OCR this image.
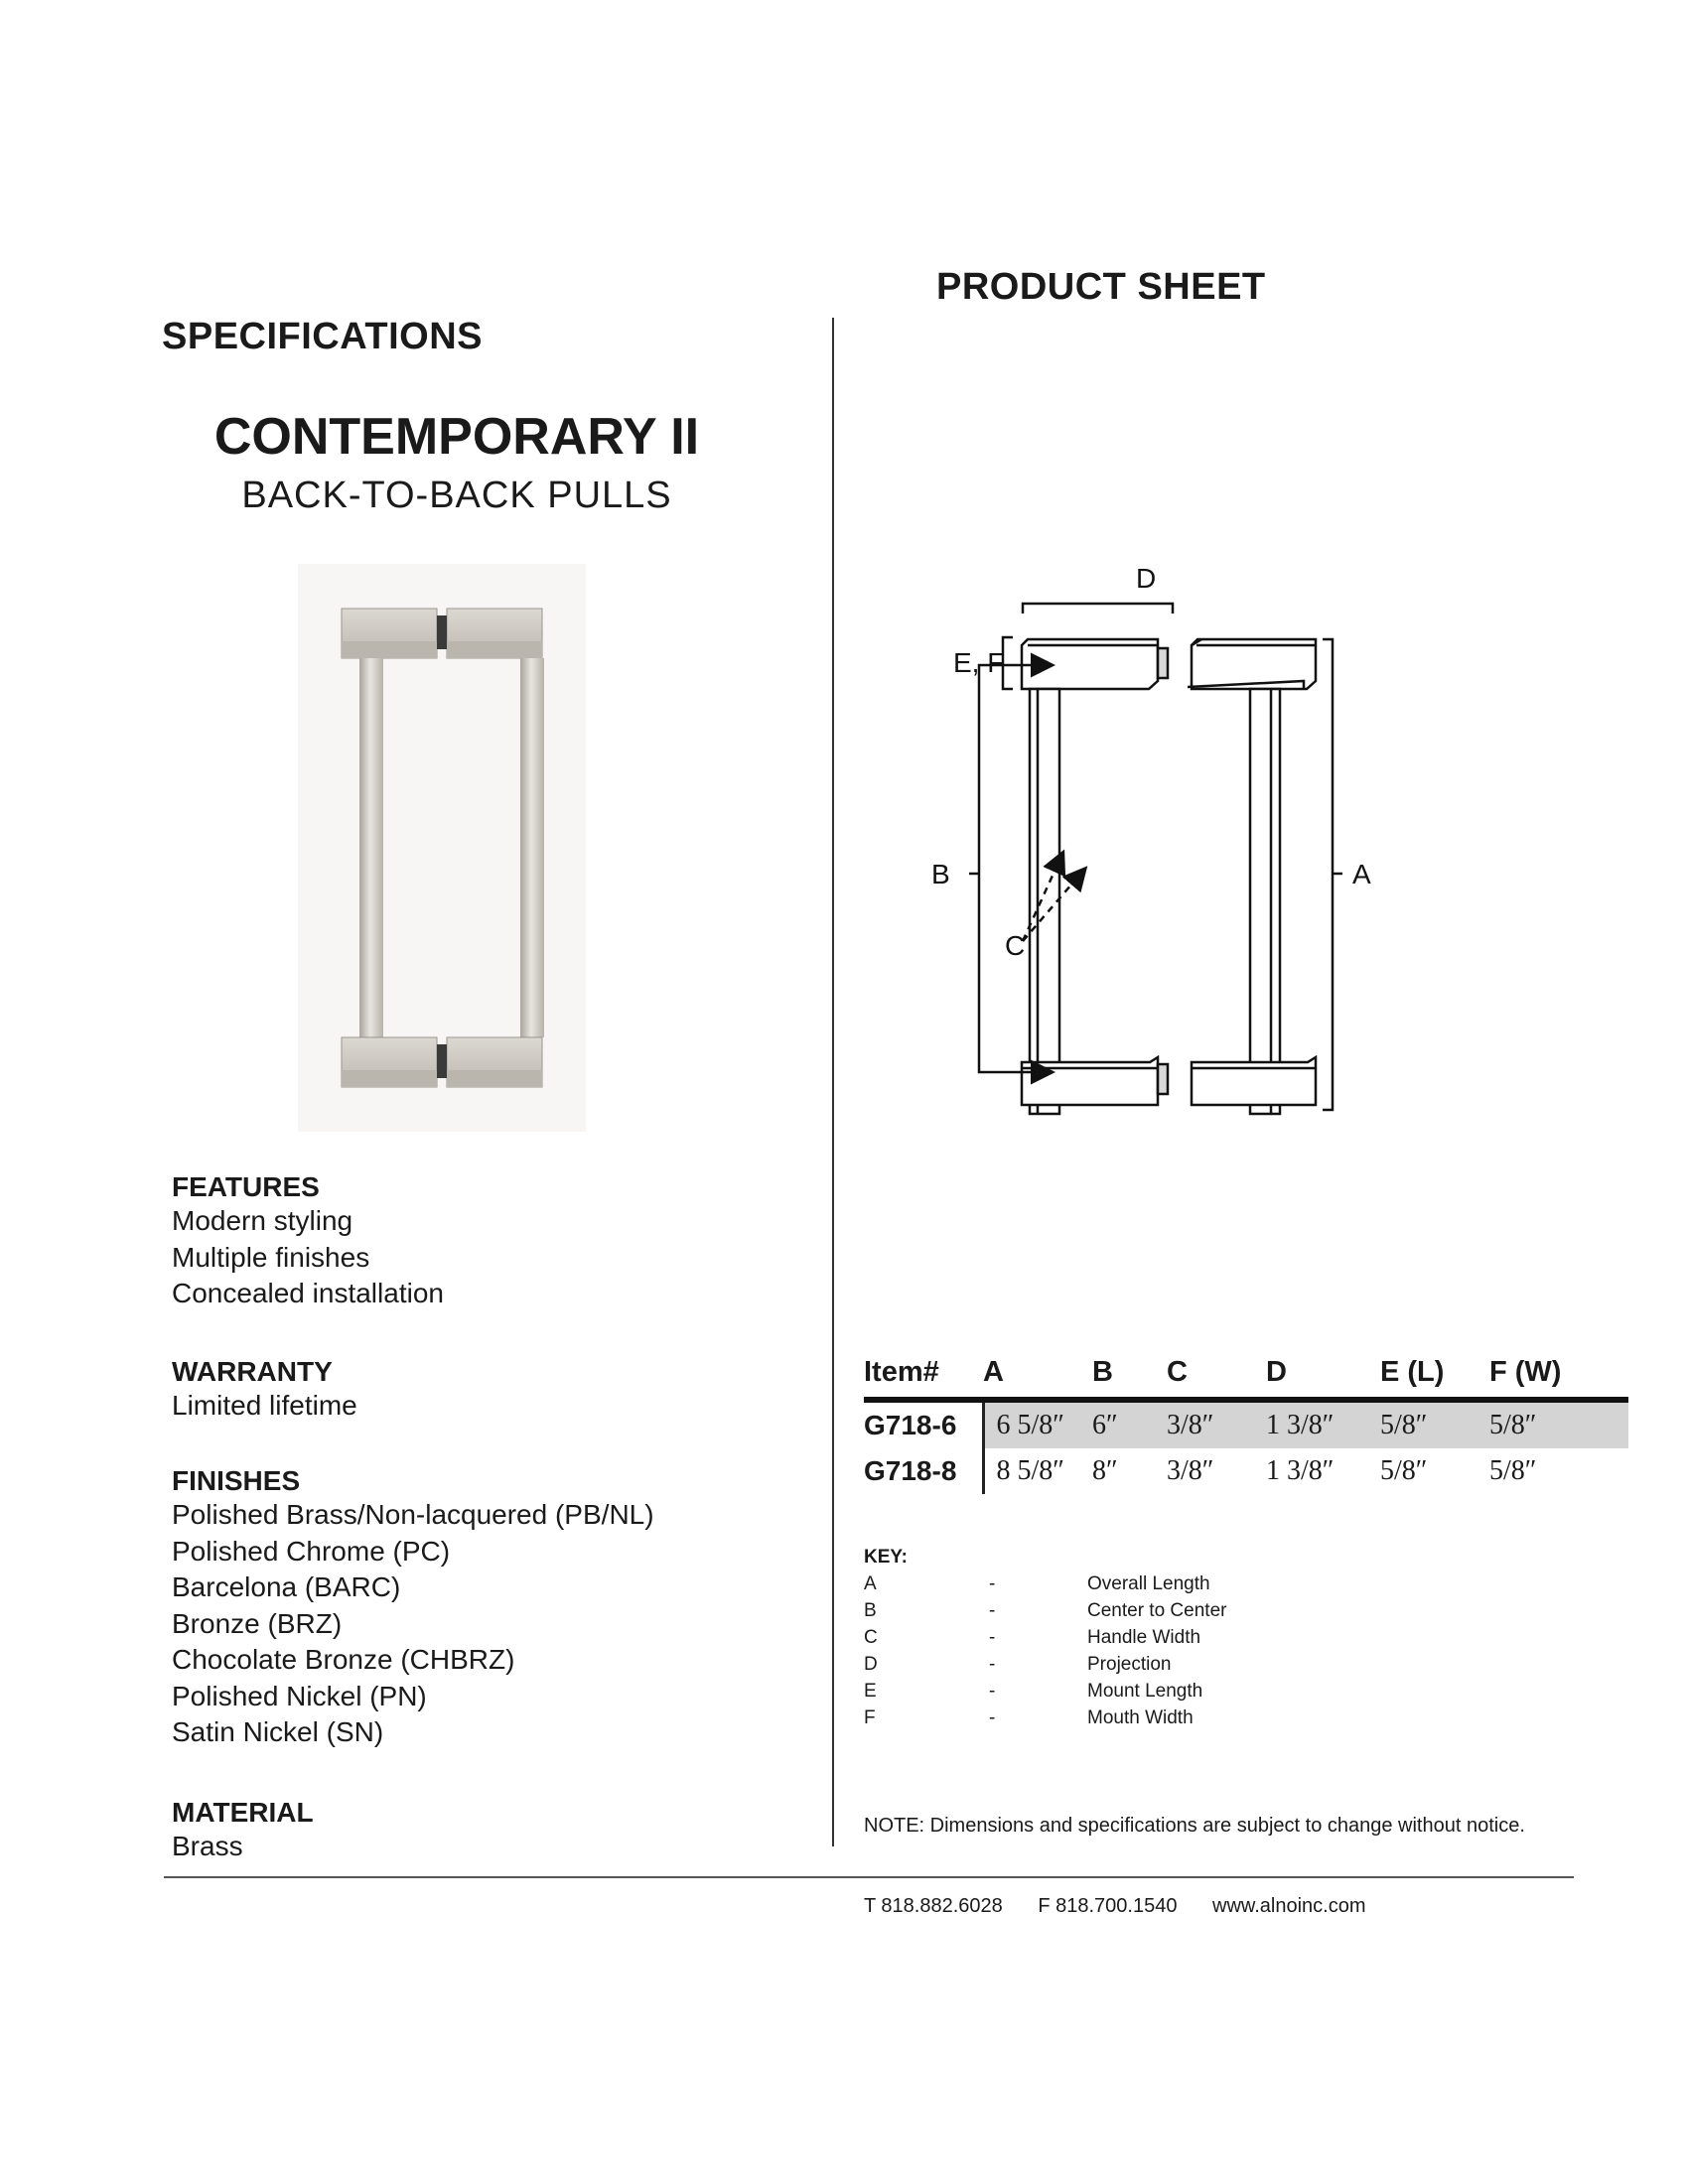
PRODUCT SHEET
SPECIFICATIONS
CONTEMPORARY II
BACK-TO-BACK PULLS
FEATURES
Modern styling
Multiple finishes
Concealed installation
WARRANTY
Limited lifetime
FINISHES
Polished Brass/Non-lacquered (PB/NL)
Polished Chrome (PC)
Barcelona (BARC)
Bronze (BRZ)
Chocolate Bronze (CHBRZ)
Polished Nickel (PN)
Satin Nickel (SN)
MATERIAL
Brass
D
E, F
B	A
C
Item#	A	B	C	D	E (L)	F (W)
G718-6	6 5/8″	6″	3/8″	1 3/8″	5/8″	5/8″
G718-8	8 5/8″	8″	3/8″	1 3/8″	5/8″	5/8″
KEY:
A	-	Overall Length
B	-	Center to Center
C	-	Handle Width
D	-	Projection
E	-	Mount Length
F	-	Mouth Width
NOTE: Dimensions and specifications are subject to change without notice.
T 818.882.6028 F 818.700.1540 www.alnoinc.com
